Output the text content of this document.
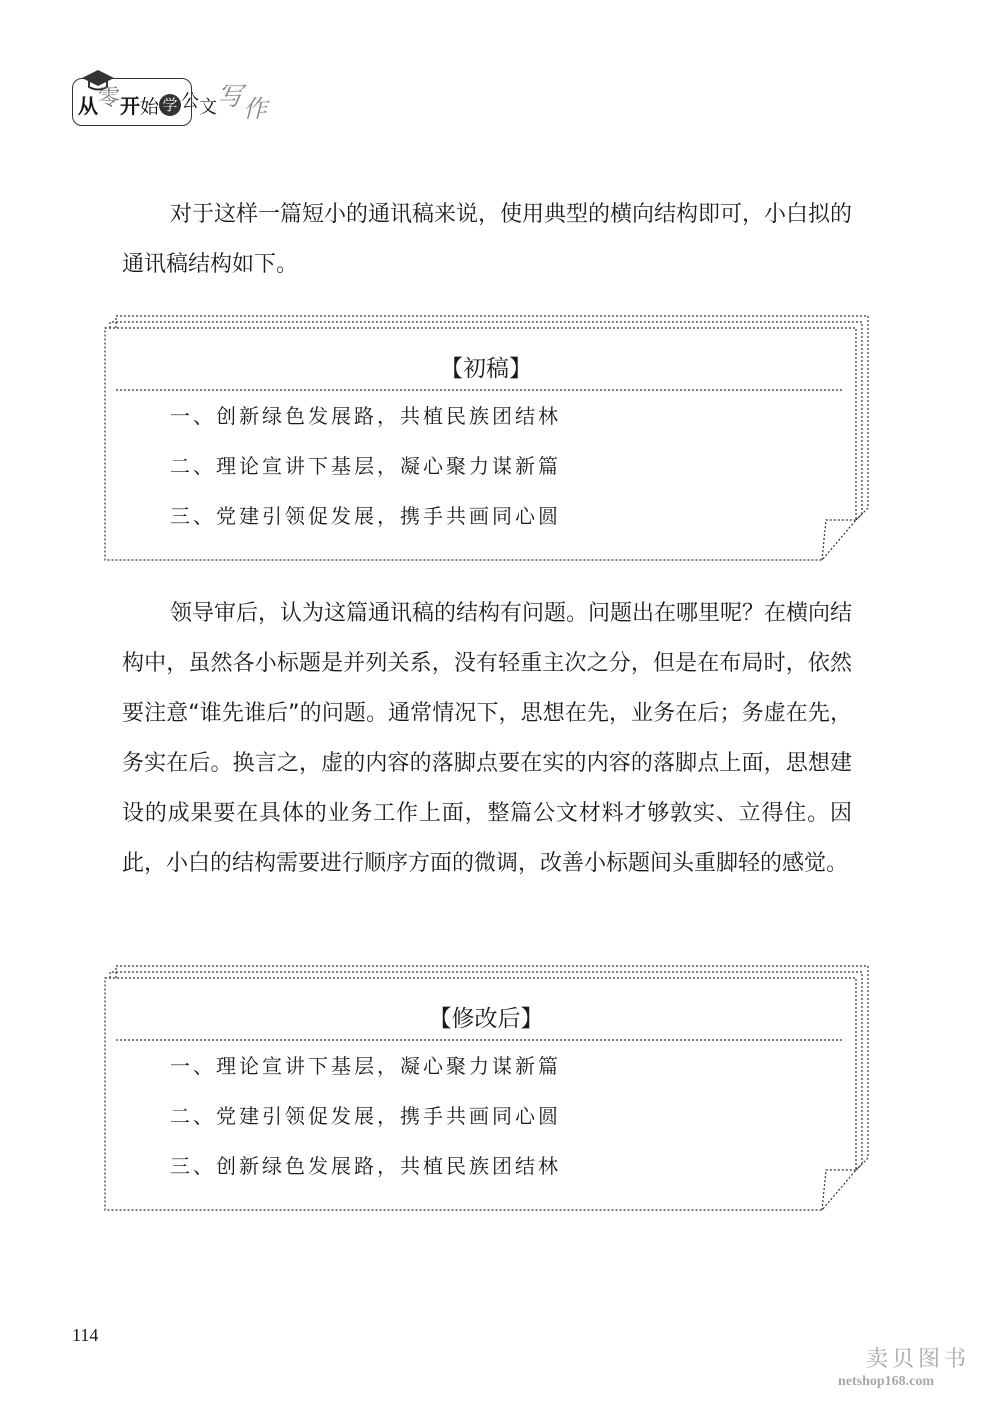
从零开始 学 公文写作

对于这样一篇短小的通讯稿来说，使用典型的横向结构即可，小白拟的通讯稿结构如下。

【初稿】
一、创新绿色发展路，共植民族团结林
二、理论宣讲下基层，凝心聚力谋新篇
三、党建引领促发展，携手共画同心圆

领导审后，认为这篇通讯稿的结构有问题。问题出在哪里呢？在横向结构中，虽然各小标题是并列关系，没有轻重主次之分，但是在布局时，依然要注意“谁先谁后”的问题。通常情况下，思想在先，业务在后；务虚在先，务实在后。换言之，虚的内容的落脚点要在实的内容的落脚点上面，思想建设的成果要在具体的业务工作上面，整篇公文材料才够敦实、立得住。因此，小白的结构需要进行顺序方面的微调，改善小标题间头重脚轻的感觉。

【修改后】
一、理论宣讲下基层，凝心聚力谋新篇
二、党建引领促发展，携手共画同心圆
三、创新绿色发展路，共植民族团结林
114
卖贝图书
netshop168.com
